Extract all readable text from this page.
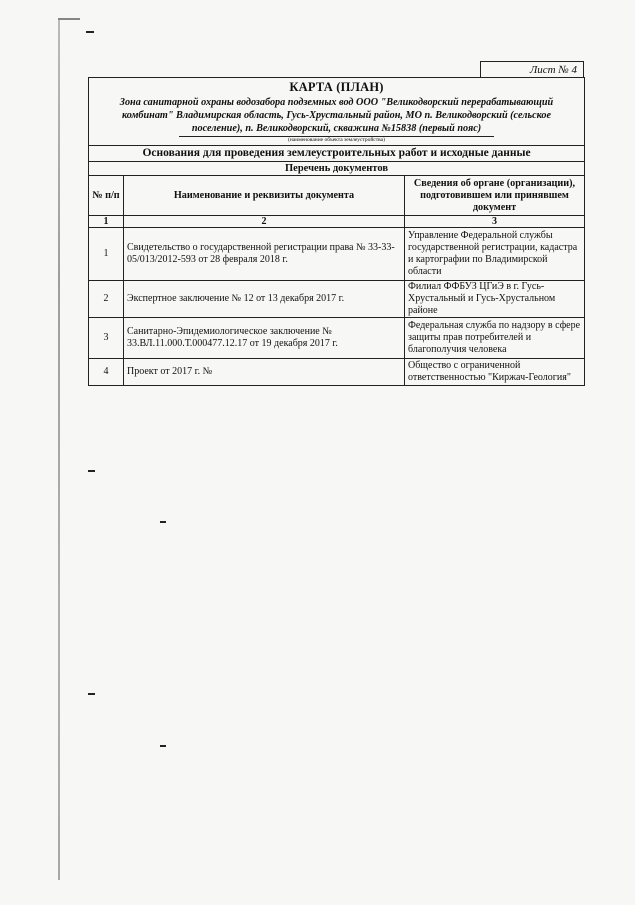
Лист № 4
КАРТА (ПЛАН)
Зона санитарной охраны водозабора подземных вод ООО "Великодворский перерабатывающий комбинат" Владимирская область, Гусь-Хрустальный район, МО п. Великодворский (сельское поселение), п. Великодворский, скважина №15838 (первый пояс)
(наименование объекта землеустройства)
Основания для проведения землеустроительных работ и исходные данные
Перечень документов
№ п/п	Наименование и реквизиты документа	Сведения об органе (организации), подготовившем или принявшем документ
1	2	3
1	Свидетельство о государственной регистрации права № 33-33-05/013/2012-593 от 28 февраля 2018 г.	Управление Федеральной службы государственной регистрации, кадастра и картографии по Владимирской области
2	Экспертное заключение № 12 от 13 декабря 2017 г.	Филиал ФФБУЗ ЦГиЭ в г. Гусь-Хрустальный и Гусь-Хрустальном районе
3	Санитарно-Эпидемиологическое заключение № 33.ВЛ.11.000.Т.000477.12.17 от 19 декабря 2017 г.	Федеральная служба по надзору в сфере защиты прав потребителей и благополучия человека
4	Проект от 2017 г. №	Общество с ограниченной ответственностью "Киржач-Геология"
